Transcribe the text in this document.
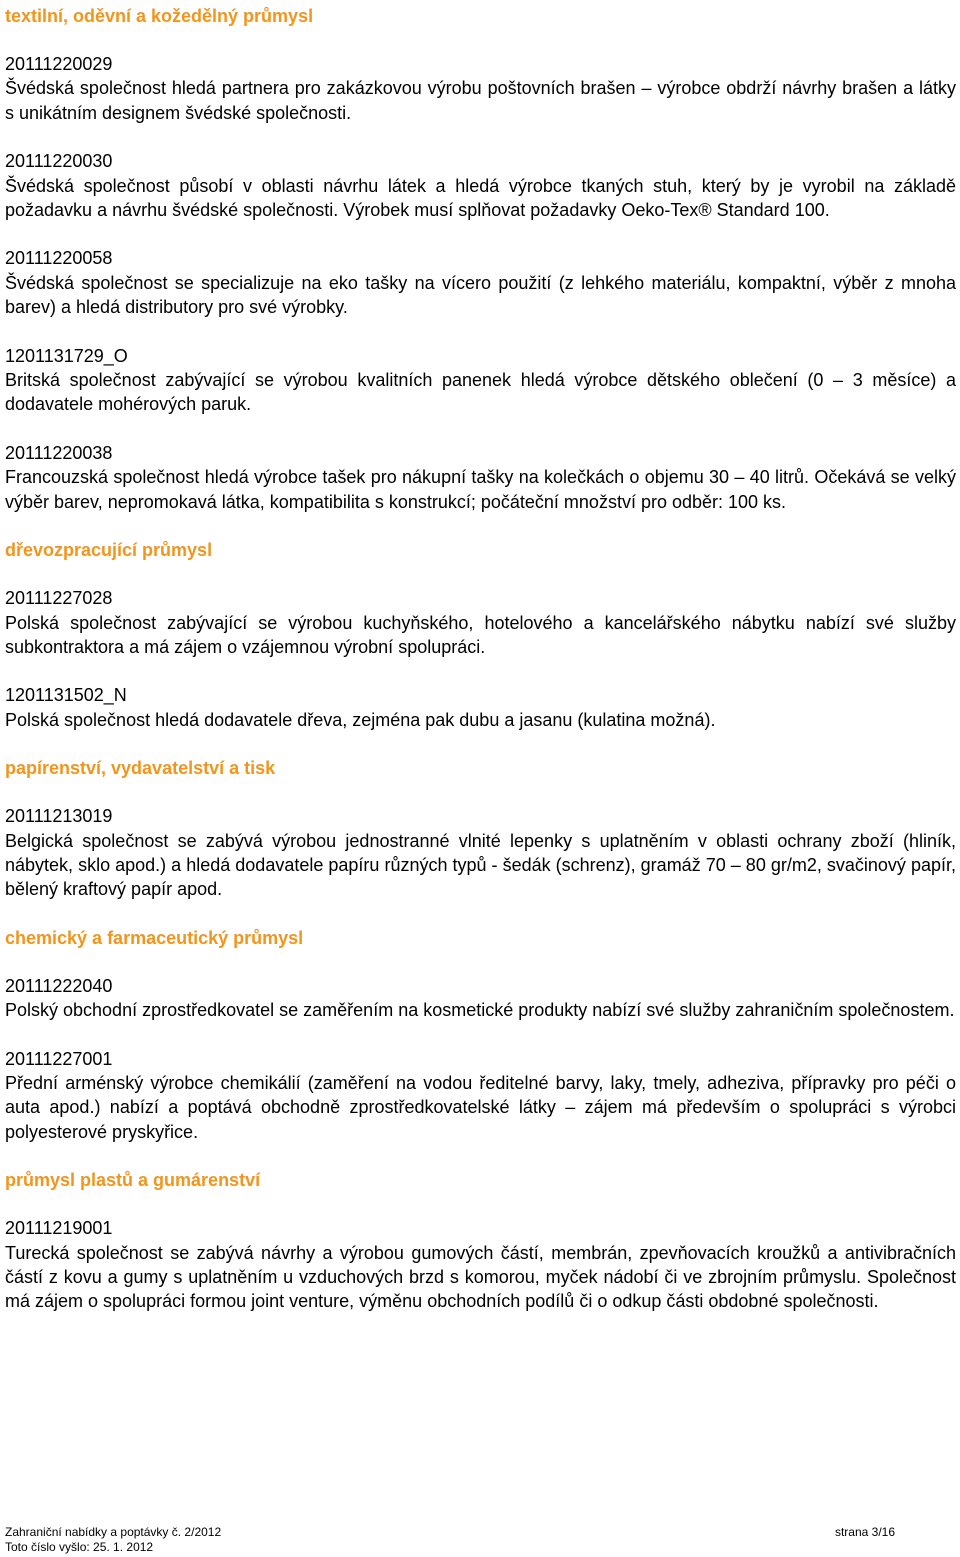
textilní, oděvní a kožedělný průmysl
20111220029
Švédská společnost hledá partnera pro zakázkovou výrobu poštovních brašen – výrobce obdrží návrhy brašen a látky s unikátním designem švédské společnosti.
20111220030
Švédská společnost působí v oblasti návrhu látek a hledá výrobce tkaných stuh, který by je vyrobil na základě požadavku a návrhu švédské společnosti. Výrobek musí splňovat požadavky Oeko-Tex® Standard 100.
20111220058
Švédská společnost se specializuje na eko tašky na vícero použití (z lehkého materiálu, kompaktní, výběr z mnoha barev) a hledá distributory pro své výrobky.
1201131729_O
Britská společnost zabývající se výrobou kvalitních panenek hledá výrobce dětského oblečení (0 – 3 měsíce) a dodavatele mohérových paruk.
20111220038
Francouzská společnost hledá výrobce tašek pro nákupní tašky na kolečkách o objemu 30 – 40 litrů. Očekává se velký výběr barev, nepromokavá látka, kompatibilita s konstrukcí; počáteční množství pro odběr: 100 ks.
dřevozpracující průmysl
20111227028
Polská společnost zabývající se výrobou kuchyňského, hotelového a kancelářského nábytku nabízí své služby subkontraktora a má zájem o vzájemnou výrobní spolupráci.
1201131502_N
Polská společnost hledá dodavatele dřeva, zejména pak dubu a jasanu (kulatina možná).
papírenství, vydavatelství a tisk
20111213019
Belgická společnost se zabývá výrobou jednostranné vlnité lepenky s uplatněním v oblasti ochrany zboží (hliník, nábytek, sklo apod.) a hledá dodavatele papíru různých typů - šedák (schrenz), gramáž 70 – 80 gr/m2, svačinový papír, bělený kraftový papír apod.
chemický a farmaceutický průmysl
20111222040
Polský obchodní zprostředkovatel se zaměřením na kosmetické produkty nabízí své služby zahraničním společnostem.
20111227001
Přední arménský výrobce chemikálií (zaměření na vodou ředitelné barvy, laky, tmely, adheziva, přípravky pro péči o auta apod.) nabízí a poptává obchodně zprostředkovatelské látky – zájem má především o spolupráci s výrobci polyesterové pryskyřice.
průmysl plastů a gumárenství
20111219001
Turecká společnost se zabývá návrhy a výrobou gumových částí, membrán, zpevňovacích kroužků a antivibračních částí z kovu a gumy s uplatněním u vzduchových brzd s komorou, myček nádobí či ve zbrojním průmyslu. Společnost má zájem o spolupráci formou joint venture, výměnu obchodních podílů či o odkup části obdobné společnosti.
Zahraniční nabídky a poptávky č. 2/2012	strana 3/16
Toto číslo vyšlo: 25. 1. 2012
